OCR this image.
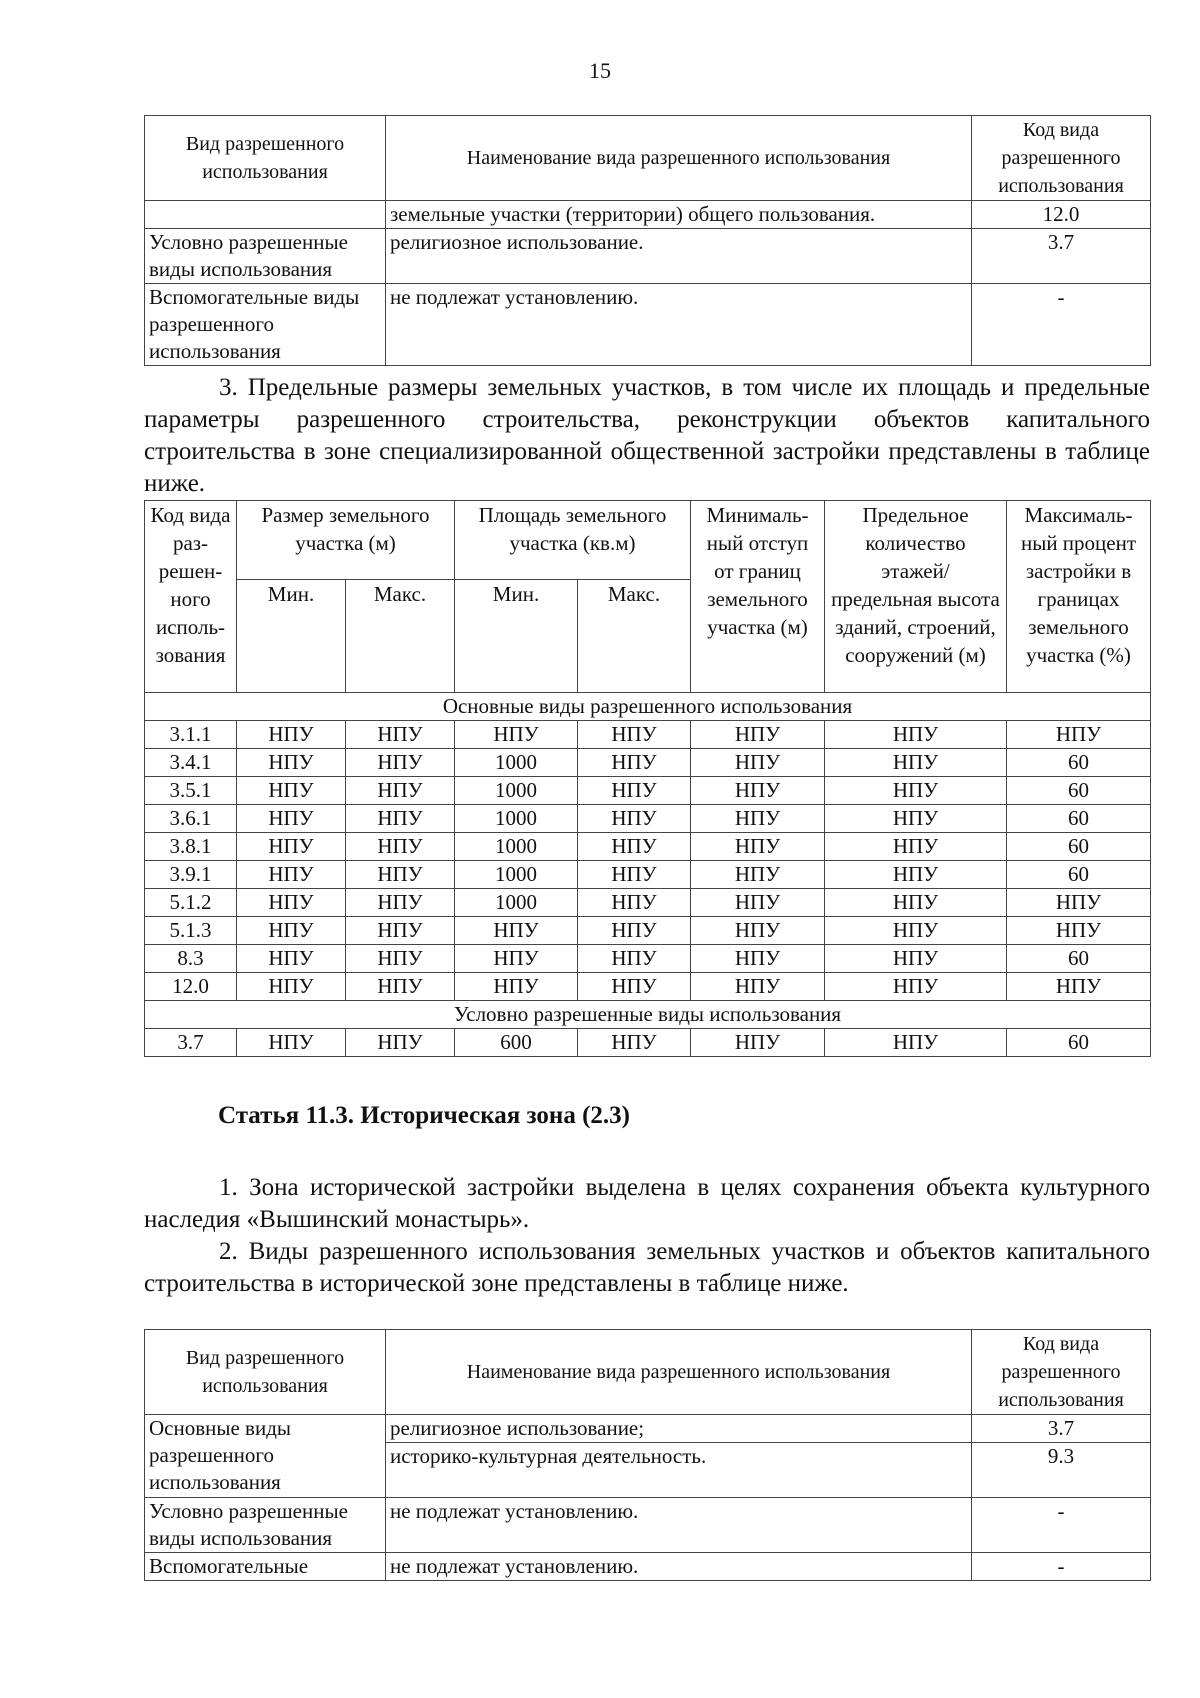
15
Вид разрешенного использования	Наименование вида разрешенного использования	Код вида разрешенного использования
	земельные участки (территории) общего пользования.	12.0
Условно разрешенные виды использования	религиозное использование.	3.7
Вспомогательные виды разрешенного использования	не подлежат установлению.	-

3. Предельные размеры земельных участков, в том числе их площадь и предельные параметры разрешенного строительства, реконструкции объектов капитального строительства в зоне специализированной общественной застройки представлены в таблице ниже.

Код вида раз-решен-ного исполь-зования	Размер земельного участка (м)		Площадь земельного участка (кв.м)		Минималь-ный отступ от границ земельного участка (м)	Предельное количество этажей/ предельная высота зданий, строений, сооружений (м)	Максималь-ный процент застройки в границах земельного участка (%)
	Мин.	Макс.	Мин.	Макс.			
Основные виды разрешенного использования							
3.1.1	НПУ	НПУ	НПУ	НПУ	НПУ	НПУ	НПУ
3.4.1	НПУ	НПУ	1000	НПУ	НПУ	НПУ	60
3.5.1	НПУ	НПУ	1000	НПУ	НПУ	НПУ	60
3.6.1	НПУ	НПУ	1000	НПУ	НПУ	НПУ	60
3.8.1	НПУ	НПУ	1000	НПУ	НПУ	НПУ	60
3.9.1	НПУ	НПУ	1000	НПУ	НПУ	НПУ	60
5.1.2	НПУ	НПУ	1000	НПУ	НПУ	НПУ	НПУ
5.1.3	НПУ	НПУ	НПУ	НПУ	НПУ	НПУ	НПУ
8.3	НПУ	НПУ	НПУ	НПУ	НПУ	НПУ	60
12.0	НПУ	НПУ	НПУ	НПУ	НПУ	НПУ	НПУ
Условно разрешенные виды использования							
3.7	НПУ	НПУ	600	НПУ	НПУ	НПУ	60
Статья 11.3. Историческая зона (2.3)

1. Зона исторической застройки выделена в целях сохранения объекта культурного наследия «Вышинский монастырь».

2. Виды разрешенного использования земельных участков и объектов капитального строительства в исторической зоне представлены в таблице ниже.

Вид разрешенного использования	Наименование вида разрешенного использования	Код вида разрешенного использования
Основные виды разрешенного использования	религиозное использование;	3.7
	историко-культурная деятельность.	9.3
Условно разрешенные виды использования	не подлежат установлению.	-
Вспомогательные	не подлежат установлению.	-
